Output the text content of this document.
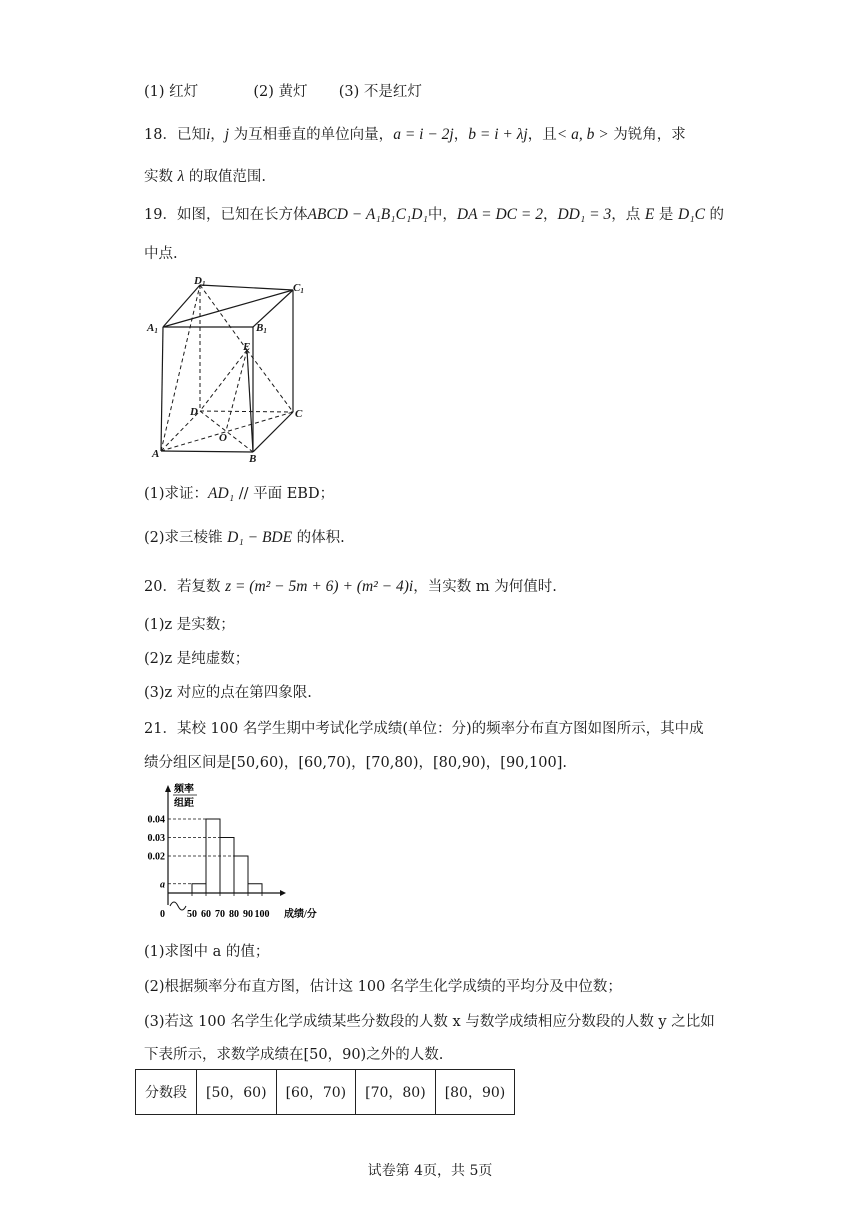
(1) 红灯	(2) 黄灯 (3) 不是红灯
18．已知i，j 为互相垂直的单位向量，a = i − 2j，b = i + λj，且< a, b > 为锐角，求
实数 λ 的取值范围.
19．如图，已知在长方体ABCD − A₁B₁C₁D₁中，DA = DC = 2，DD₁ = 3，点 E 是 D₁C 的
中点.
D1	C1
A1	B1
E
D	C
O
A	B
(1)求证：AD₁ // 平面 EBD；
(2)求三棱锥 D₁ − BDE 的体积.
20．若复数 z = (m² − 5m + 6) + (m² − 4)i，当实数 m 为何值时.
(1)z 是实数；
(2)z 是纯虚数；
(3)z 对应的点在第四象限.
21．某校 100 名学生期中考试化学成绩(单位：分)的频率分布直方图如图所示，其中成
绩分组区间是[50,60)，[60,70)，[70,80)，[80,90)，[90,100].
频率
组距
0.04
0.03
0.02
a
0 50 60 70 80 90 100 成绩/分
(1)求图中 a 的值；
(2)根据频率分布直方图，估计这 100 名学生化学成绩的平均分及中位数；
(3)若这 100 名学生化学成绩某些分数段的人数 x 与数学成绩相应分数段的人数 y 之比如
下表所示，求数学成绩在[50，90)之外的人数.
分数段	[50，60)	[60，70)	[70，80)	[80，90)
试卷第 4页，共 5页
